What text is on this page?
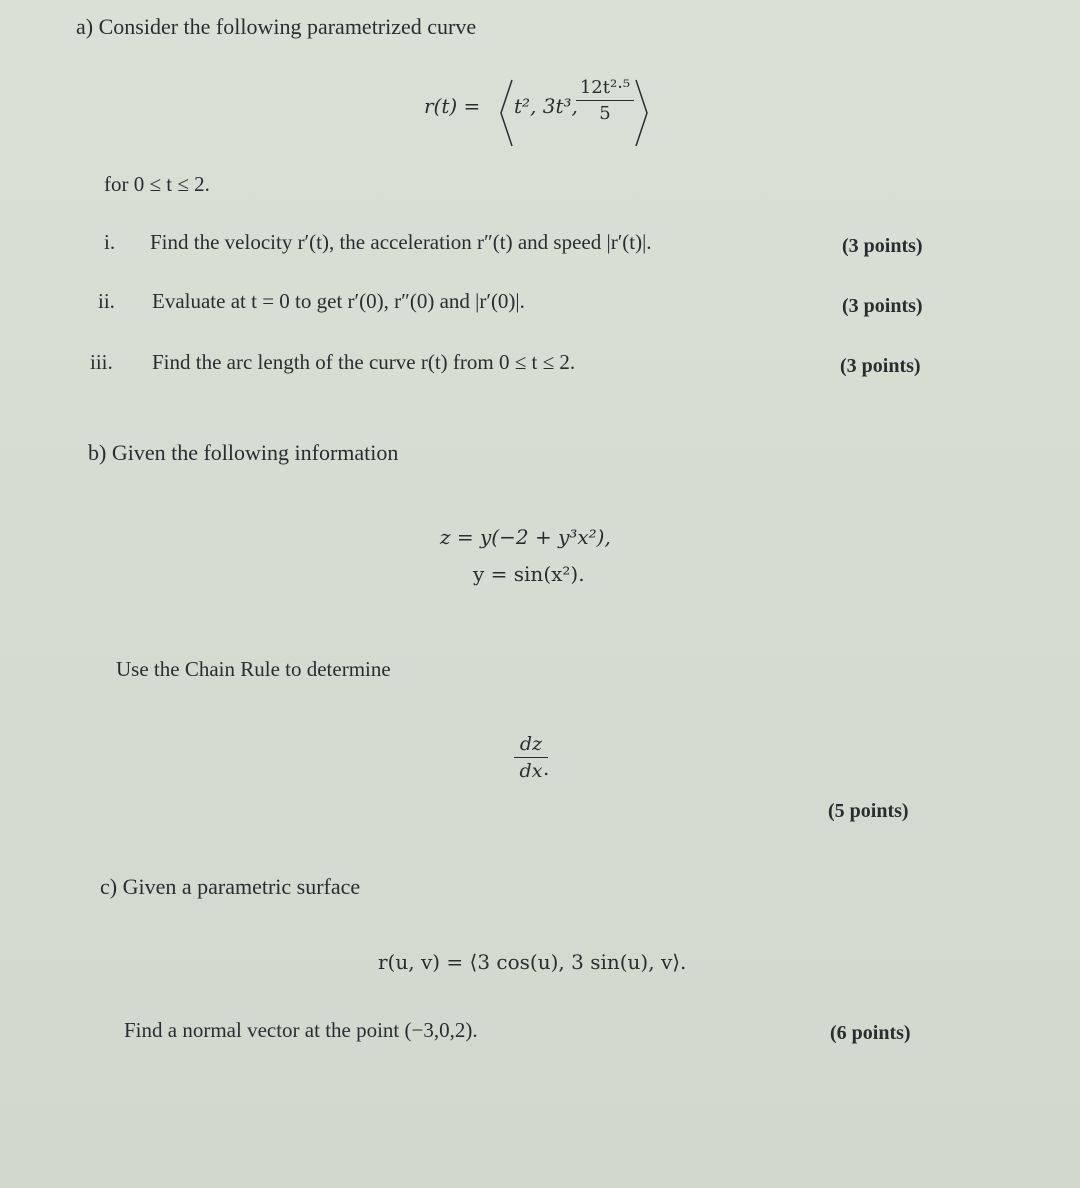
a) Consider the following parametrized curve
r(t) = t², 3t³,
12t²·⁵
5
for 0 ≤ t ≤ 2.
i. Find the velocity r′(t), the acceleration r″(t) and speed |r′(t)|.	(3 points)
ii. Evaluate at t = 0 to get r′(0), r″(0) and |r′(0)|.	(3 points)
iii. Find the arc length of the curve r(t) from 0 ≤ t ≤ 2.	(3 points)
b) Given the following information
z = y(−2 + y³x²),
y = sin(x²).
Use the Chain Rule to determine
dz
dx .
(5 points)
c) Given a parametric surface
r(u, v) = ⟨3 cos(u), 3 sin(u), v⟩.
Find a normal vector at the point (−3,0,2).	(6 points)
